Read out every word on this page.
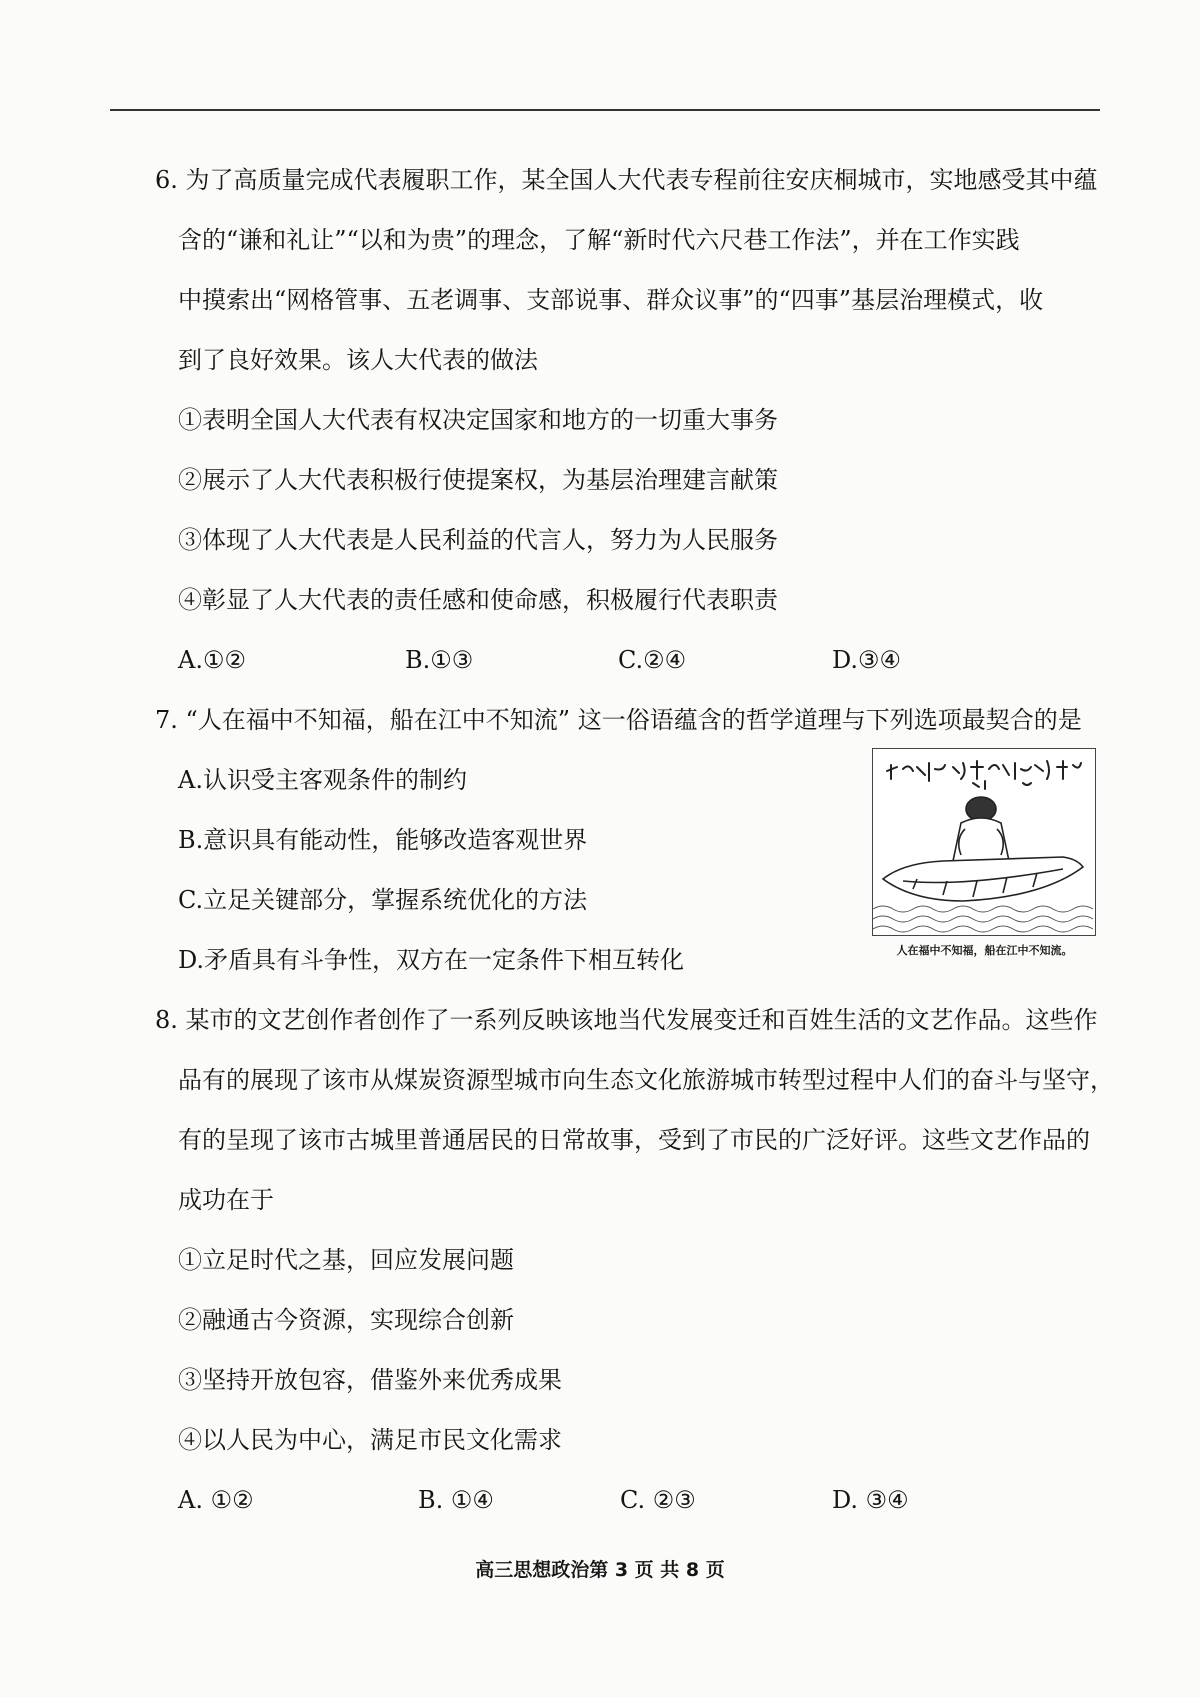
6. 为了高质量完成代表履职工作，某全国人大代表专程前往安庆桐城市，实地感受其中蕴
含的“谦和礼让”“以和为贵”的理念，了解“新时代六尺巷工作法”，并在工作实践
中摸索出“网格管事、五老调事、支部说事、群众议事”的“四事”基层治理模式，收
到了良好效果。该人大代表的做法
①表明全国人大代表有权决定国家和地方的一切重大事务
②展示了人大代表积极行使提案权，为基层治理建言献策
③体现了人大代表是人民利益的代言人，努力为人民服务
④彰显了人大代表的责任感和使命感，积极履行代表职责
A.①②	B.①③	C.②④	D.③④
7. “人在福中不知福，船在江中不知流” 这一俗语蕴含的哲学道理与下列选项最契合的是
A.认识受主客观条件的制约
B.意识具有能动性，能够改造客观世界
C.立足关键部分，掌握系统优化的方法
D.矛盾具有斗争性，双方在一定条件下相互转化	人在福中不知福，船在江中不知流。
8. 某市的文艺创作者创作了一系列反映该地当代发展变迁和百姓生活的文艺作品。这些作
品有的展现了该市从煤炭资源型城市向生态文化旅游城市转型过程中人们的奋斗与坚守，
有的呈现了该市古城里普通居民的日常故事，受到了市民的广泛好评。这些文艺作品的
成功在于
①立足时代之基，回应发展问题
②融通古今资源，实现综合创新
③坚持开放包容，借鉴外来优秀成果
④以人民为中心，满足市民文化需求
A. ①②	B. ①④	C. ②③	D. ③④
高三思想政治第 3 页 共 8 页
